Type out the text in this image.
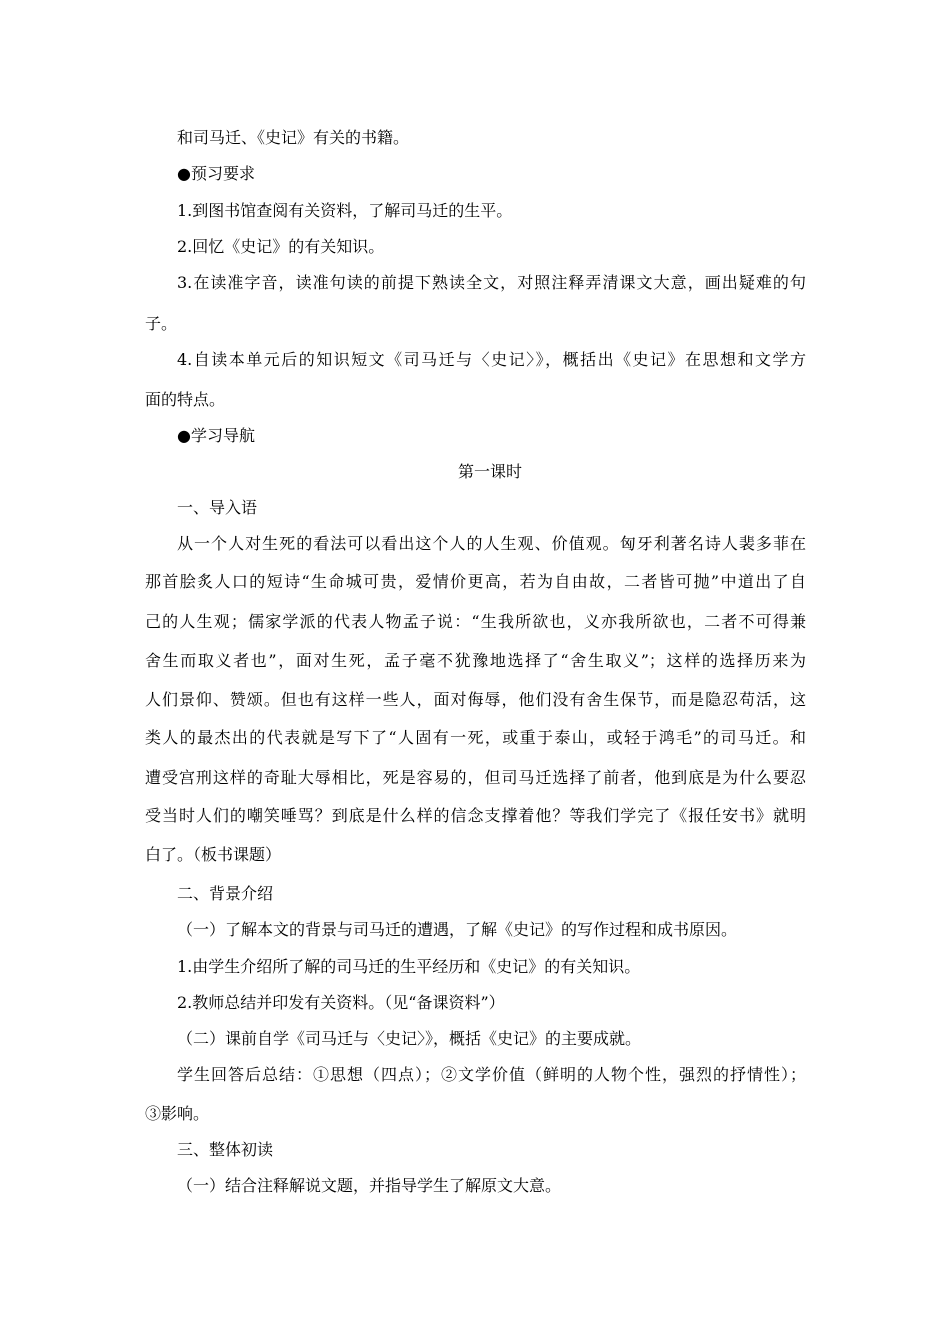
和司马迁、《史记》有关的书籍。
●预习要求
1.到图书馆查阅有关资料，了解司马迁的生平。
2.回忆《史记》的有关知识。
3.在读准字音，读准句读的前提下熟读全文，对照注释弄清课文大意，画出疑难的句
子。
4.自读本单元后的知识短文《司马迁与〈史记〉》，概括出《史记》在思想和文学方
面的特点。
●学习导航
第一课时
一、导入语
从一个人对生死的看法可以看出这个人的人生观、价值观。匈牙利著名诗人裴多菲在
那首脍炙人口的短诗“生命城可贵，爱情价更高，若为自由故，二者皆可抛”中道出了自
己的人生观；儒家学派的代表人物孟子说：“生我所欲也，义亦我所欲也，二者不可得兼
舍生而取义者也”，面对生死，孟子毫不犹豫地选择了“舍生取义”；这样的选择历来为
人们景仰、赞颂。但也有这样一些人，面对侮辱，他们没有舍生保节，而是隐忍苟活，这
类人的最杰出的代表就是写下了“人固有一死，或重于泰山，或轻于鸿毛”的司马迁。和
遭受宫刑这样的奇耻大辱相比，死是容易的，但司马迁选择了前者，他到底是为什么要忍
受当时人们的嘲笑唾骂？到底是什么样的信念支撑着他？等我们学完了《报任安书》就明
白了。（板书课题）
二、背景介绍
（一）了解本文的背景与司马迁的遭遇，了解《史记》的写作过程和成书原因。
1.由学生介绍所了解的司马迁的生平经历和《史记》的有关知识。
2.教师总结并印发有关资料。（见“备课资料”）
（二）课前自学《司马迁与〈史记〉》，概括《史记》的主要成就。
学生回答后总结：①思想（四点）；②文学价值（鲜明的人物个性，强烈的抒情性）；
③影响。
三、整体初读
（一）结合注释解说文题，并指导学生了解原文大意。
